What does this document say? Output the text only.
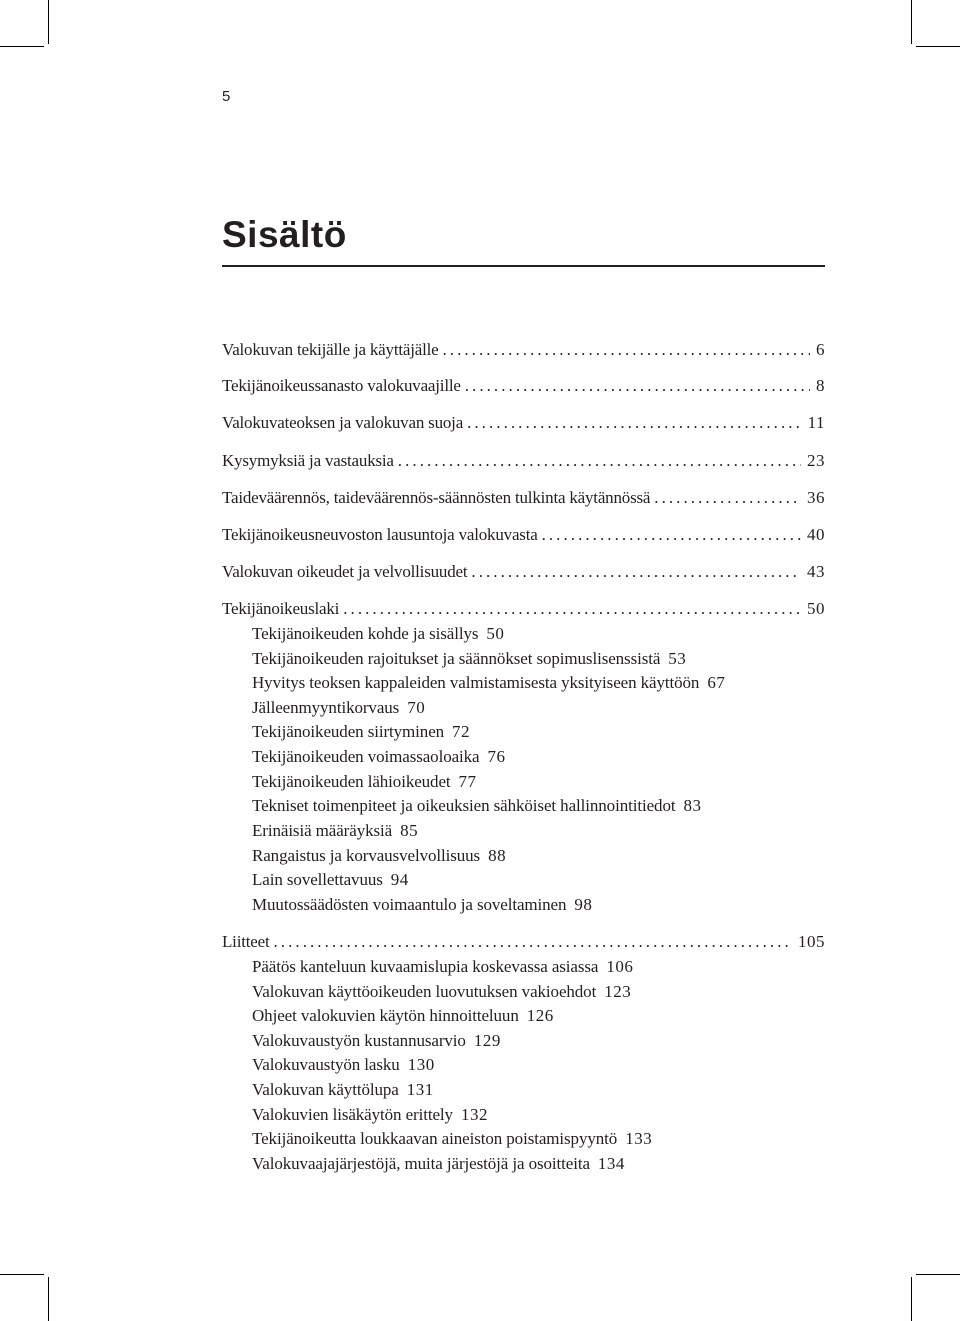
5
Sisältö
Valokuvan tekijälle ja käyttäjälle . . .	6
Tekijänoikeussanasto valokuvaajille . . .	8
Valokuvateoksen ja valokuvan suoja . . .	11
Kysymyksiä ja vastauksia . . .	23
Taideväärennös, taideväärennös-säännösten tulkinta käytännössä . . .	36
Tekijänoikeusneuvoston lausuntoja valokuvasta . . .	40
Valokuvan oikeudet ja velvollisuudet . . .	43
Tekijänoikeuslaki . . .	50
Tekijänoikeuden kohde ja sisällys 50
Tekijänoikeuden rajoitukset ja säännökset sopimuslisenssistä 53
Hyvitys teoksen kappaleiden valmistamisesta yksityiseen käyttöön 67
Jälleenmyyntikorvaus 70
Tekijänoikeuden siirtyminen 72
Tekijänoikeuden voimassaoloaika 76
Tekijänoikeuden lähioikeudet 77
Tekniset toimenpiteet ja oikeuksien sähköiset hallinnointitiedot 83
Erinäisiä määräyksiä 85
Rangaistus ja korvausvelvollisuus 88
Lain sovellettavuus 94
Muutossäädösten voimaantulo ja soveltaminen 98
Liitteet . . .	105
Päätös kanteluun kuvaamislupia koskevassa asiassa 106
Valokuvan käyttöoikeuden luovutuksen vakioehdot 123
Ohjeet valokuvien käytön hinnoitteluun 126
Valokuvaustyön kustannusarvio 129
Valokuvaustyön lasku 130
Valokuvan käyttölupa 131
Valokuvien lisäkäytön erittely 132
Tekijänoikeutta loukkaavan aineiston poistamispyyntö 133
Valokuvaajajärjestöjä, muita järjestöjä ja osoitteita 134
